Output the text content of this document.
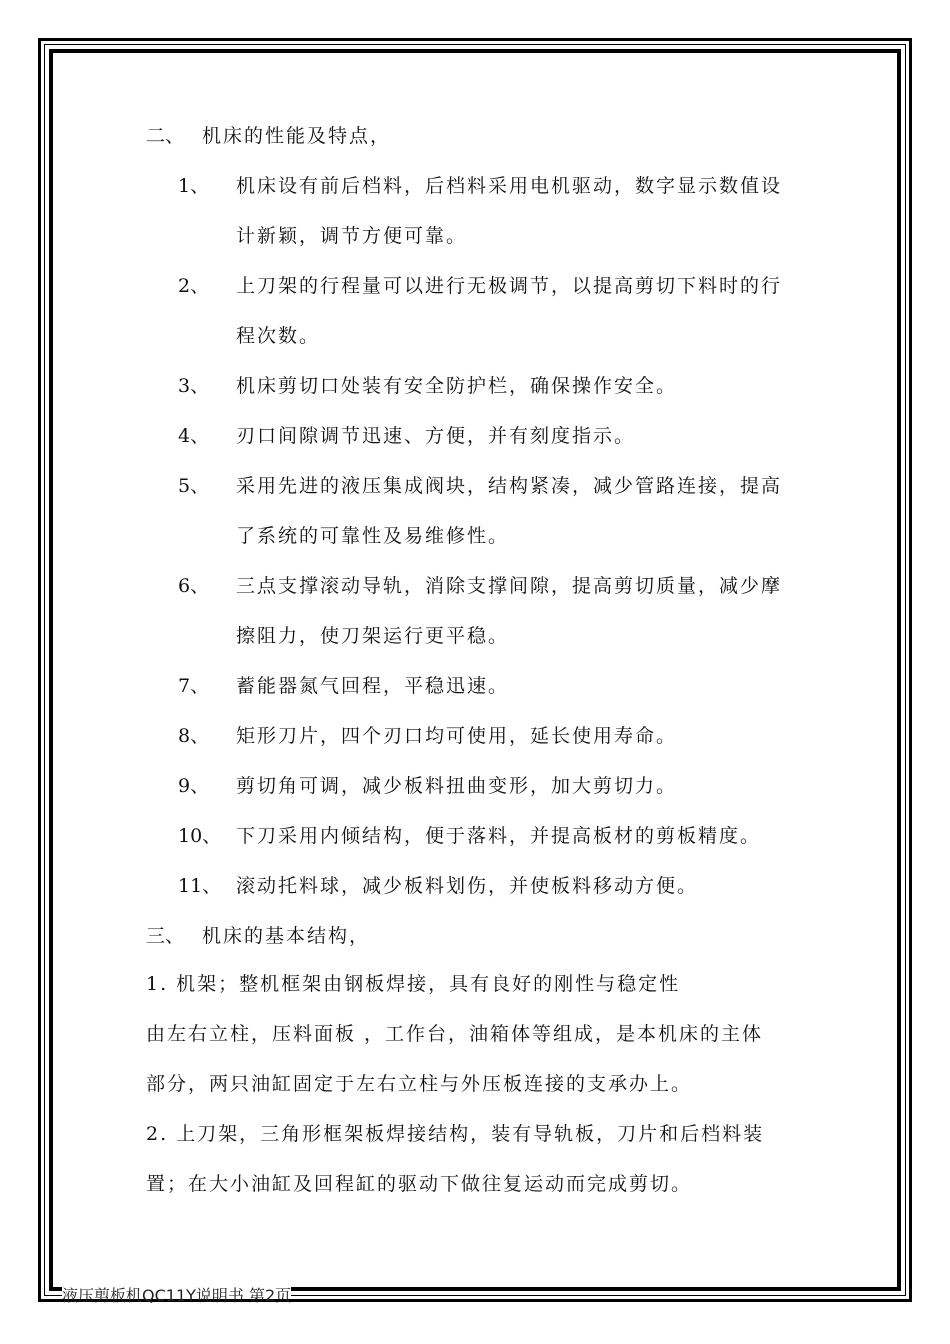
二、 机床的性能及特点，
1、 机床设有前后档料，后档料采用电机驱动，数字显示数值设
计新颖，调节方便可靠。
2、 上刀架的行程量可以进行无极调节，以提高剪切下料时的行
程次数。
3、 机床剪切口处装有安全防护栏，确保操作安全。
4、 刃口间隙调节迅速、方便，并有刻度指示。
5、 采用先进的液压集成阀块，结构紧凑，减少管路连接，提高
了系统的可靠性及易维修性。
6、 三点支撑滚动导轨，消除支撑间隙，提高剪切质量，减少摩
擦阻力，使刀架运行更平稳。
7、 蓄能器氮气回程，平稳迅速。
8、 矩形刀片，四个刃口均可使用，延长使用寿命。
9、 剪切角可调，减少板料扭曲变形，加大剪切力。
10、 下刀采用内倾结构，便于落料，并提高板材的剪板精度。
11、 滚动托料球，减少板料划伤，并使板料移动方便。
三、 机床的基本结构，
1. 机架；整机框架由钢板焊接，具有良好的刚性与稳定性
由左右立柱，压料面板 ，工作台，油箱体等组成，是本机床的主体
部分，两只油缸固定于左右立柱与外压板连接的支承办上。
2. 上刀架，三角形框架板焊接结构，装有导轨板，刀片和后档料装
置；在大小油缸及回程缸的驱动下做往复运动而完成剪切。
液压剪板机QC11Y说明书 第2页
